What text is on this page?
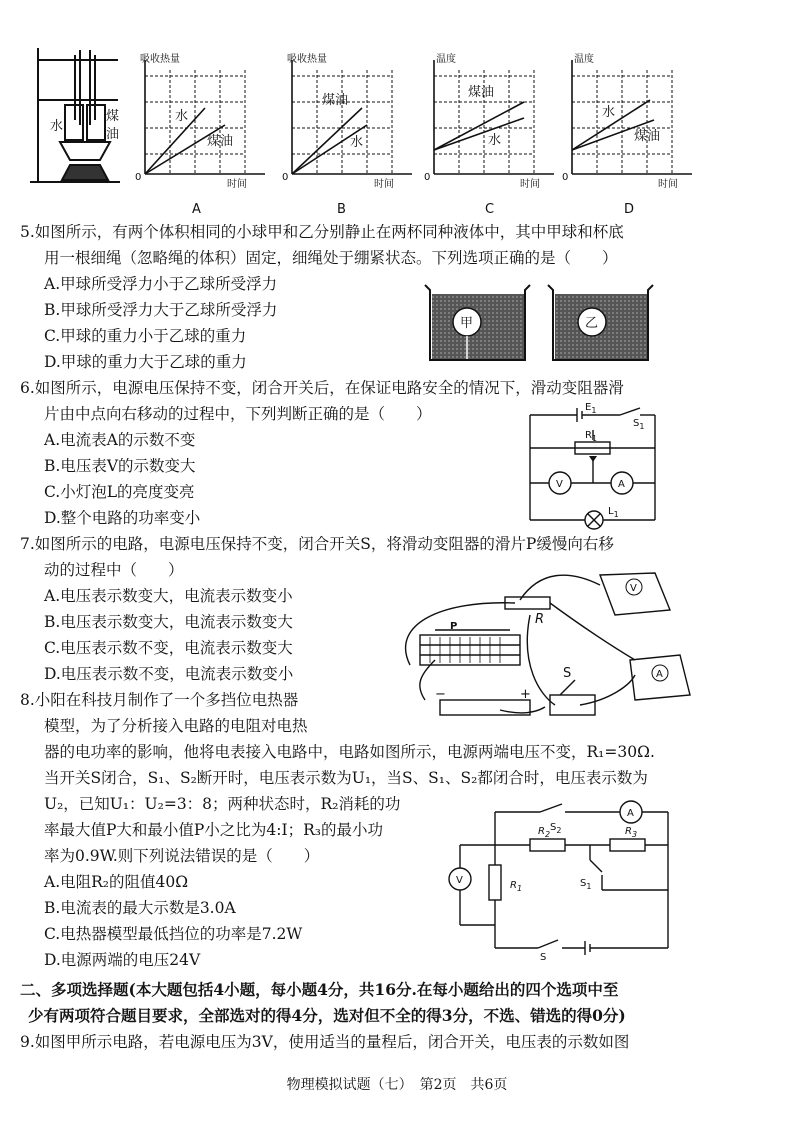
水
煤
油
0
吸收热量
时间
水
煤油
0
吸收热量
时间
煤油
水
0
温度
时间
煤油
水
0
温度
时间
水
煤油
A	B	C	D
5.如图所示，有两个体积相同的小球甲和乙分别静止在两杯同种液体中，其中甲球和杯底
用一根细绳（忽略绳的体积）固定，细绳处于绷紧状态。下列选项正确的是（　　）
A.甲球所受浮力小于乙球所受浮力
B.甲球所受浮力大于乙球所受浮力
C.甲球的重力小于乙球的重力
D.甲球的重力大于乙球的重力
甲	乙
6.如图所示，电源电压保持不变，闭合开关后，在保证电路安全的情况下，滑动变阻器滑
片由中点向右移动的过程中，下列判断正确的是（　　）
A.电流表A的示数不变
B.电压表V的示数变大
C.小灯泡L的亮度变亮
D.整个电路的功率变小
$E_1$
$S_1$
$R_1$
V	A
$L_1$
7.如图所示的电路，电源电压保持不变，闭合开关S，将滑动变阻器的滑片P缓慢向右移
动的过程中（　　）
A.电压表示数变大，电流表示数变小
B.电压表示数变大，电流表示数变大
C.电压表示数不变，电流表示数变大
D.电压表示数不变，电流表示数变小
P	R
S
V
A
−	+
8.小阳在科技月制作了一个多挡位电热器
模型，为了分析接入电路的电阻对电热
器的电功率的影响，他将电表接入电路中，电路如图所示，电源两端电压不变，R₁=30Ω.
当开关S闭合，S₁、S₂断开时，电压表示数为U₁，当S、S₁、S₂都闭合时，电压表示数为
U₂，已知U₁：U₂=3：8；两种状态时，R₂消耗的功
率最大值P大和最小值P小之比为4:I；R₃的最小功
率为0.9W.则下列说法错误的是（　　）
A.电阻R₂的阻值40Ω
B.电流表的最大示数是3.0A
C.电热器模型最低挡位的功率是7.2W
D.电源两端的电压24V
$S_2$
A
V	$R_1$
$R_2$	$R_3$
$S_1$
S
二、多项选择题(本大题包括4小题，每小题4分，共16分.在每小题给出的四个选项中至
少有两项符合题目要求，全部选对的得4分，选对但不全的得3分，不选、错选的得0分)
9.如图甲所示电路，若电源电压为3V，使用适当的量程后，闭合开关，电压表的示数如图
物理模拟试题（七）　第2页　共6页
